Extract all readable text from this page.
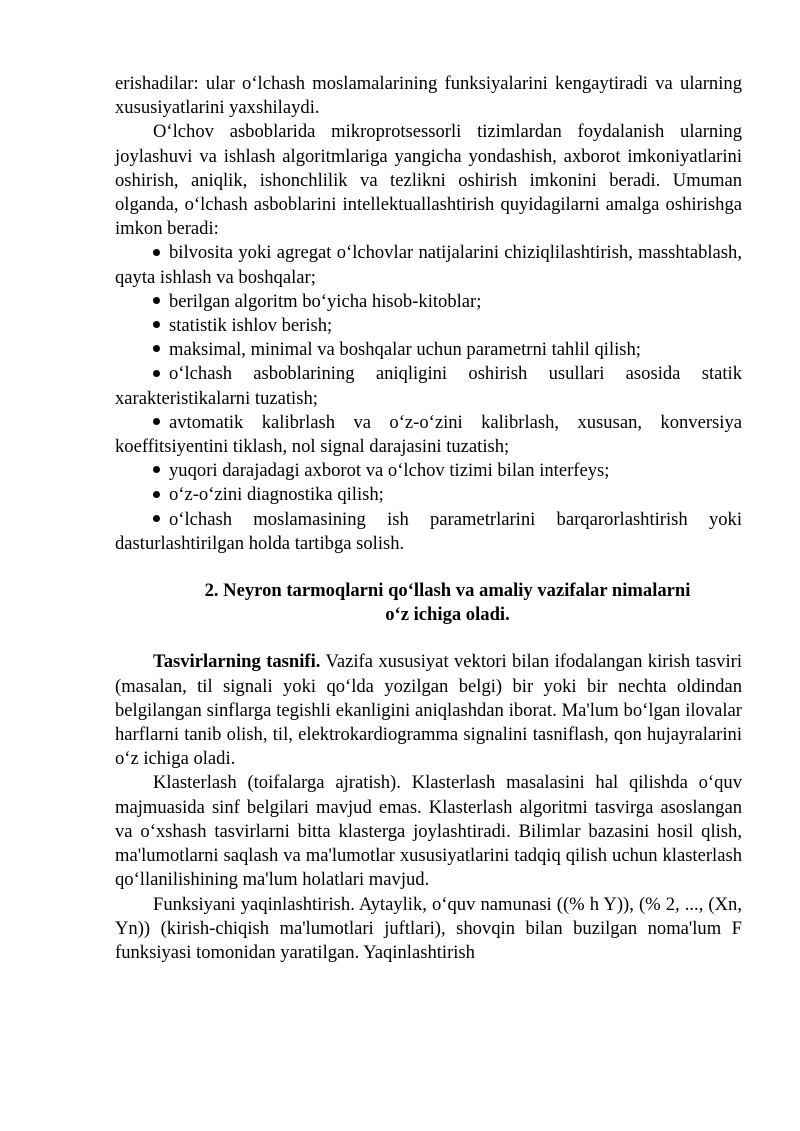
erishadilar: ular o‘lchash moslamalarining funksiyalarini kengaytiradi va ularning xususiyatlarini yaxshilaydi.

O‘lchov asboblarida mikroprotsessorli tizimlardan foydalanish ularning joylashuvi va ishlash algoritmlariga yangicha yondashish, axborot imkoniyatlarini oshirish, aniqlik, ishonchlilik va tezlikni oshirish imkonini beradi. Umuman olganda, o‘lchash asboblarini intellektuallashtirish quyidagilarni amalga oshirishga imkon beradi:

bilvosita yoki agregat o‘lchovlar natijalarini chiziqlilashtirish, masshtablash, qayta ishlash va boshqalar;

berilgan algoritm bo‘yicha hisob-kitoblar;

statistik ishlov berish;

maksimal, minimal va boshqalar uchun parametrni tahlil qilish;

o‘lchash asboblarining aniqligini oshirish usullari asosida statik xarakteristikalarni tuzatish;

avtomatik kalibrlash va o‘z-o‘zini kalibrlash, xususan, konversiya koeffitsiyentini tiklash, nol signal darajasini tuzatish;

yuqori darajadagi axborot va o‘lchov tizimi bilan interfeys;

o‘z-o‘zini diagnostika qilish;

o‘lchash moslamasining ish parametrlarini barqarorlashtirish yoki dasturlashtirilgan holda tartibga solish.

2. Neyron tarmoqlarni qo‘llash va amaliy vazifalar nimalarni
o‘z ichiga oladi.

Tasvirlarning tasnifi. Vazifa xususiyat vektori bilan ifodalangan kirish tasviri (masalan, til signali yoki qo‘lda yozilgan belgi) bir yoki bir nechta oldindan belgilangan sinflarga tegishli ekanligini aniqlashdan iborat. Ma'lum bo‘lgan ilovalar harflarni tanib olish, til, elektrokardiogramma signalini tasniflash, qon hujayralarini o‘z ichiga oladi.

Klasterlash (toifalarga ajratish). Klasterlash masalasini hal qilishda o‘quv majmuasida sinf belgilari mavjud emas. Klasterlash algoritmi tasvirga asoslangan va o‘xshash tasvirlarni bitta klasterga joylashtiradi. Bilimlar bazasini hosil qlish, ma'lumotlarni saqlash va ma'lumotlar xususiyatlarini tadqiq qilish uchun klasterlash qo‘llanilishining ma'lum holatlari mavjud.

Funksiyani yaqinlashtirish. Aytaylik, o‘quv namunasi ((% h Y)), (% 2, ..., (Xn, Yn)) (kirish-chiqish ma'lumotlari juftlari), shovqin bilan buzilgan noma'lum F funksiyasi tomonidan yaratilgan. Yaqinlashtirish
